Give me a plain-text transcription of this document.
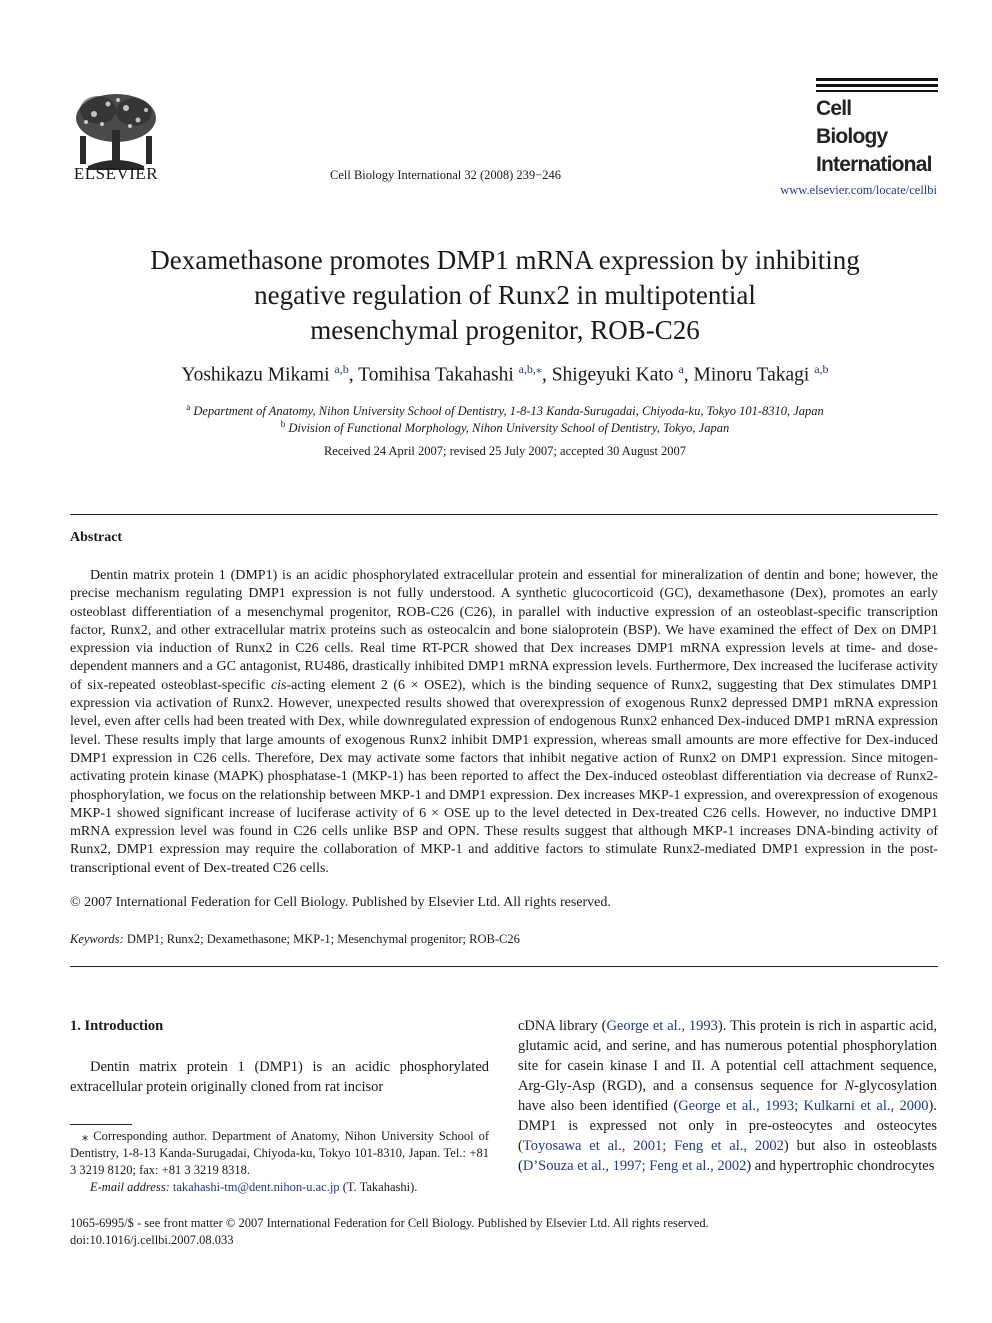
ELSEVIER	Cell Biology International 32 (2008) 239−246
Cell
Biology
International
www.elsevier.com/locate/cellbi
Dexamethasone promotes DMP1 mRNA expression by inhibiting
negative regulation of Runx2 in multipotential
mesenchymal progenitor, ROB-C26
Yoshikazu Mikami $^{a,b}$, Tomihisa Takahashi $^{a,b,⁎}$, Shigeyuki Kato $^a$, Minoru Takagi $^{a,b}$
$^a$ Department of Anatomy, Nihon University School of Dentistry, 1-8-13 Kanda-Surugadai, Chiyoda-ku, Tokyo 101-8310, Japan
$^b$ Division of Functional Morphology, Nihon University School of Dentistry, Tokyo, Japan
Received 24 April 2007; revised 25 July 2007; accepted 30 August 2007
Abstract

Dentin matrix protein 1 (DMP1) is an acidic phosphorylated extracellular protein and essential for mineralization of dentin and bone; however, the precise mechanism regulating DMP1 expression is not fully understood. A synthetic glucocorticoid (GC), dexamethasone (Dex), promotes an early osteoblast differentiation of a mesenchymal progenitor, ROB-C26 (C26), in parallel with inductive expression of an osteoblast-specific transcription factor, Runx2, and other extracellular matrix proteins such as osteocalcin and bone sialoprotein (BSP). We have examined the effect of Dex on DMP1 expression via induction of Runx2 in C26 cells. Real time RT-PCR showed that Dex increases DMP1 mRNA expression levels at time- and dose-dependent manners and a GC antagonist, RU486, drastically inhibited DMP1 mRNA expression levels. Furthermore, Dex increased the luciferase activity of six-repeated osteoblast-specific cis-acting element 2 (6 × OSE2), which is the binding sequence of Runx2, suggesting that Dex stimulates DMP1 expression via activation of Runx2. However, unexpected results showed that overexpression of exogenous Runx2 depressed DMP1 mRNA expression level, even after cells had been treated with Dex, while downregulated expression of endogenous Runx2 enhanced Dex-induced DMP1 mRNA expression level. These results imply that large amounts of exogenous Runx2 inhibit DMP1 expression, whereas small amounts are more effective for Dex-induced DMP1 expression in C26 cells. Therefore, Dex may activate some factors that inhibit negative action of Runx2 on DMP1 expression. Since mitogen-activating protein kinase (MAPK) phosphatase-1 (MKP-1) has been reported to affect the Dex-induced osteoblast differentiation via decrease of Runx2-phosphorylation, we focus on the relationship between MKP-1 and DMP1 expression. Dex increases MKP-1 expression, and overexpression of exogenous MKP-1 showed significant increase of luciferase activity of 6 × OSE up to the level detected in Dex-treated C26 cells. However, no inductive DMP1 mRNA expression level was found in C26 cells unlike BSP and OPN. These results suggest that although MKP-1 increases DNA-binding activity of Runx2, DMP1 expression may require the collaboration of MKP-1 and additive factors to stimulate Runx2-mediated DMP1 expression in the post-transcriptional event of Dex-treated C26 cells.

© 2007 International Federation for Cell Biology. Published by Elsevier Ltd. All rights reserved.
Keywords: DMP1; Runx2; Dexamethasone; MKP-1; Mesenchymal progenitor; ROB-C26
1. Introduction

Dentin matrix protein 1 (DMP1) is an acidic phosphorylated extracellular protein originally cloned from rat incisor

⁎ Corresponding author. Department of Anatomy, Nihon University School of Dentistry, 1-8-13 Kanda-Surugadai, Chiyoda-ku, Tokyo 101-8310, Japan. Tel.: +81 3 3219 8120; fax: +81 3 3219 8318.

E-mail address: takahashi-tm@dent.nihon-u.ac.jp (T. Takahashi).

cDNA library (George et al., 1993). This protein is rich in aspartic acid, glutamic acid, and serine, and has numerous potential phosphorylation site for casein kinase I and II. A potential cell attachment sequence, Arg-Gly-Asp (RGD), and a consensus sequence for N-glycosylation have also been identified (George et al., 1993; Kulkarni et al., 2000). DMP1 is expressed not only in pre-osteocytes and osteocytes (Toyosawa et al., 2001; Feng et al., 2002) but also in osteoblasts (D’Souza et al., 1997; Feng et al., 2002) and hypertrophic chondrocytes

1065-6995/$ - see front matter © 2007 International Federation for Cell Biology. Published by Elsevier Ltd. All rights reserved.
doi:10.1016/j.cellbi.2007.08.033
